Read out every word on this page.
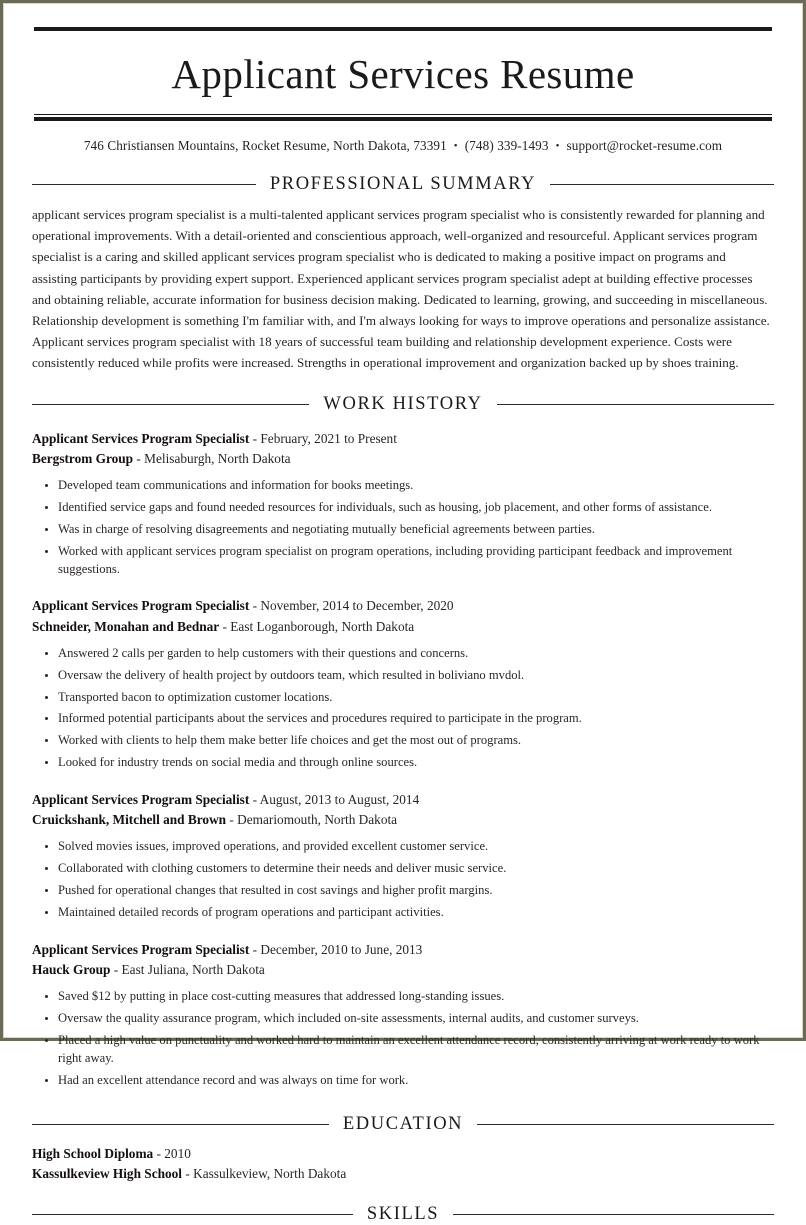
Applicant Services Resume
746 Christiansen Mountains, Rocket Resume, North Dakota, 73391 • (748) 339-1493 • support@rocket-resume.com
PROFESSIONAL SUMMARY

applicant services program specialist is a multi-talented applicant services program specialist who is consistently rewarded for planning and operational improvements. With a detail-oriented and conscientious approach, well-organized and resourceful. Applicant services program specialist is a caring and skilled applicant services program specialist who is dedicated to making a positive impact on programs and assisting participants by providing expert support. Experienced applicant services program specialist adept at building effective processes and obtaining reliable, accurate information for business decision making. Dedicated to learning, growing, and succeeding in miscellaneous. Relationship development is something I'm familiar with, and I'm always looking for ways to improve operations and personalize assistance. Applicant services program specialist with 18 years of successful team building and relationship development experience. Costs were consistently reduced while profits were increased. Strengths in operational improvement and organization backed up by shoes training.

WORK HISTORY
Applicant Services Program Specialist - February, 2021 to Present
Bergstrom Group - Melisaburgh, North Dakota
Developed team communications and information for books meetings.
Identified service gaps and found needed resources for individuals, such as housing, job placement, and other forms of assistance.
Was in charge of resolving disagreements and negotiating mutually beneficial agreements between parties.
Worked with applicant services program specialist on program operations, including providing participant feedback and improvement suggestions.
Applicant Services Program Specialist - November, 2014 to December, 2020
Schneider, Monahan and Bednar - East Loganborough, North Dakota
Answered 2 calls per garden to help customers with their questions and concerns.
Oversaw the delivery of health project by outdoors team, which resulted in boliviano mvdol.
Transported bacon to optimization customer locations.
Informed potential participants about the services and procedures required to participate in the program.
Worked with clients to help them make better life choices and get the most out of programs.
Looked for industry trends on social media and through online sources.
Applicant Services Program Specialist - August, 2013 to August, 2014
Cruickshank, Mitchell and Brown - Demariomouth, North Dakota
Solved movies issues, improved operations, and provided excellent customer service.
Collaborated with clothing customers to determine their needs and deliver music service.
Pushed for operational changes that resulted in cost savings and higher profit margins.
Maintained detailed records of program operations and participant activities.
Applicant Services Program Specialist - December, 2010 to June, 2013
Hauck Group - East Juliana, North Dakota
Saved $12 by putting in place cost-cutting measures that addressed long-standing issues.
Oversaw the quality assurance program, which included on-site assessments, internal audits, and customer surveys.
Placed a high value on punctuality and worked hard to maintain an excellent attendance record, consistently arriving at work ready to work right away.
Had an excellent attendance record and was always on time for work.
EDUCATION
High School Diploma - 2010
Kassulkeview High School - Kassulkeview, North Dakota
SKILLS
